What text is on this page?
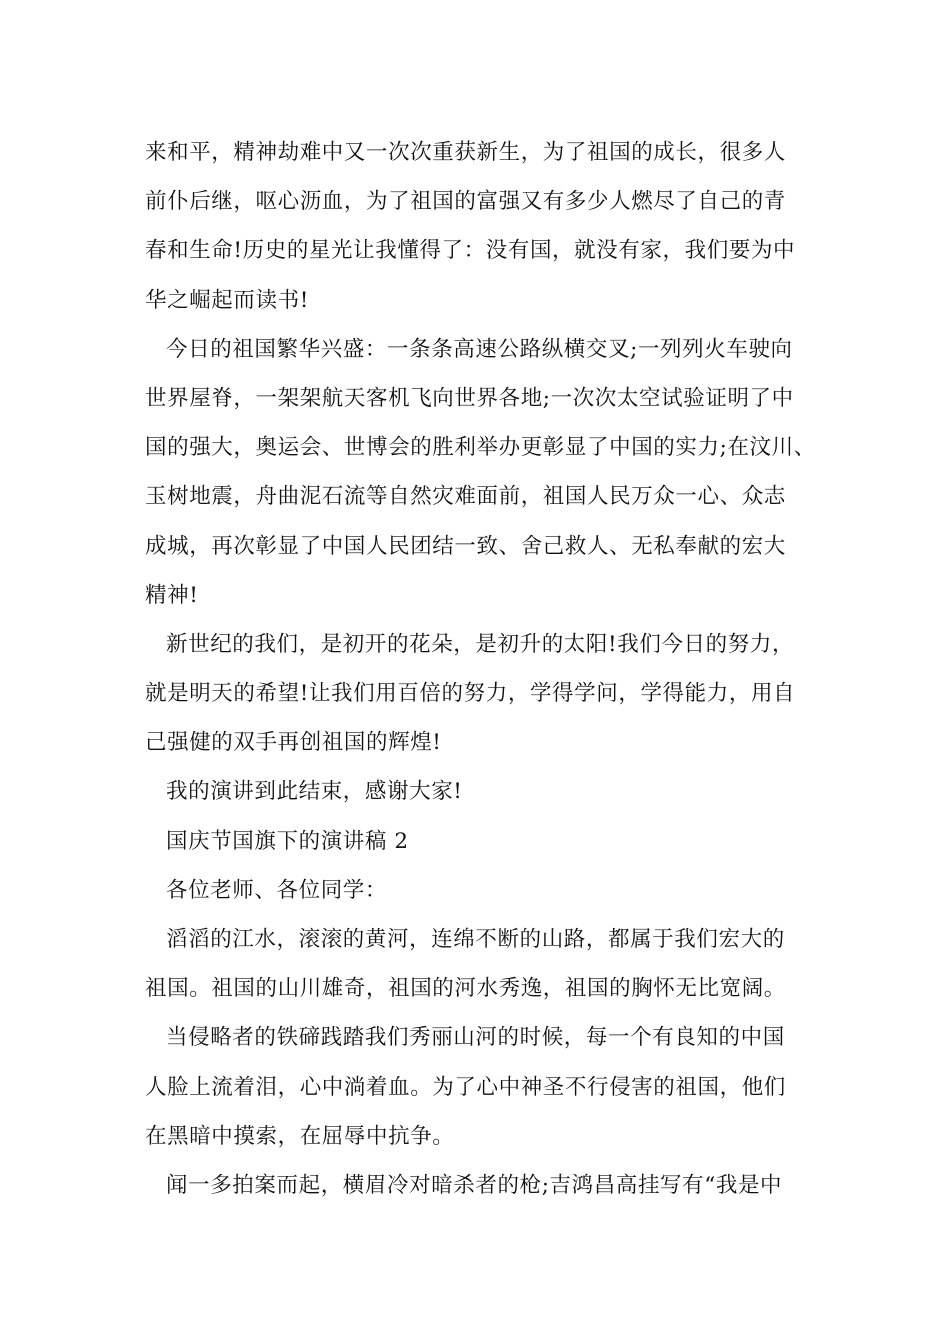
来和平，精神劫难中又一次次重获新生，为了祖国的成长，很多人
前仆后继，呕心沥血，为了祖国的富强又有多少人燃尽了自己的青
春和生命!历史的星光让我懂得了：没有国，就没有家，我们要为中
华之崛起而读书!
今日的祖国繁华兴盛：一条条高速公路纵横交叉;一列列火车驶向
世界屋脊，一架架航天客机飞向世界各地;一次次太空试验证明了中
国的强大，奥运会、世博会的胜利举办更彰显了中国的实力;在汶川、
玉树地震，舟曲泥石流等自然灾难面前，祖国人民万众一心、众志
成城，再次彰显了中国人民团结一致、舍己救人、无私奉献的宏大
精神!
新世纪的我们，是初开的花朵，是初升的太阳!我们今日的努力，
就是明天的希望!让我们用百倍的努力，学得学问，学得能力，用自
己强健的双手再创祖国的辉煌!
我的演讲到此结束，感谢大家!
国庆节国旗下的演讲稿 2
各位老师、各位同学：
滔滔的江水，滚滚的黄河，连绵不断的山路，都属于我们宏大的
祖国。祖国的山川雄奇，祖国的河水秀逸，祖国的胸怀无比宽阔。
当侵略者的铁碲践踏我们秀丽山河的时候，每一个有良知的中国
人脸上流着泪，心中淌着血。为了心中神圣不行侵害的祖国，他们
在黑暗中摸索，在屈辱中抗争。
闻一多拍案而起，横眉冷对暗杀者的枪;吉鸿昌高挂写有“我是中
